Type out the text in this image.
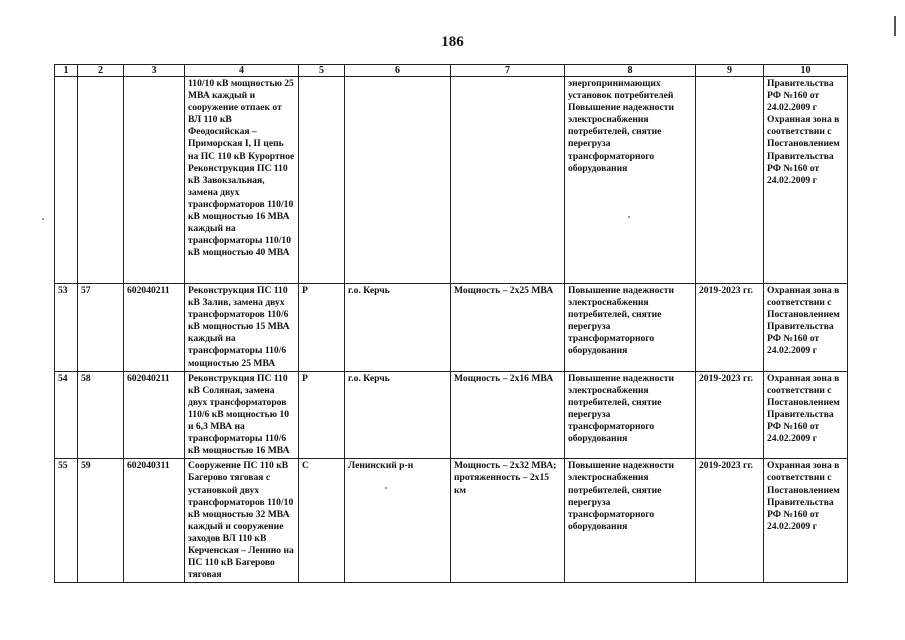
186
1	2	3	4	5	6	7	8	9	10
			110/10 кВ мощностью 25 МВА каждый и сооружение отпаек от ВЛ 110 кВ Феодосийская – Приморская I, II цепь на ПС 110 кВ Курортное Реконструкция ПС 110 кВ Завокзальная, замена двух трансформаторов 110/10 кВ мощностью 16 МВА каждый на трансформаторы 110/10 кВ мощностью 40 МВА				энергопринимающих установок потребителей Повышение надежности электроснабжения потребителей, снятие перегруза трансформаторного оборудования		Правительства РФ №160 от 24.02.2009 г Охранная зона в соответствии с Постановлением Правительства РФ №160 от 24.02.2009 г
53	57	602040211	Реконструкция ПС 110 кВ Залив, замена двух трансформаторов 110/6 кВ мощностью 15 МВА каждый на трансформаторы 110/6 мощностью 25 МВА	Р	г.о. Керчь	Мощность – 2х25 МВА	Повышение надежности электроснабжения потребителей, снятие перегруза трансформаторного оборудования	2019-2023 гг.	Охранная зона в соответствии с Постановлением Правительства РФ №160 от 24.02.2009 г
54	58	602040211	Реконструкция ПС 110 кВ Соляная, замена двух трансформаторов 110/6 кВ мощностью 10 и 6,3 МВА на трансформаторы 110/6 кВ мощностью 16 МВА	Р	г.о. Керчь	Мощность – 2х16 МВА	Повышение надежности электроснабжения потребителей, снятие перегруза трансформаторного оборудования	2019-2023 гг.	Охранная зона в соответствии с Постановлением Правительства РФ №160 от 24.02.2009 г
55	59	602040311	Сооружение ПС 110 кВ Багерово тяговая с установкой двух трансформаторов 110/10 кВ мощностью 32 МВА каждый и сооружение заходов ВЛ 110 кВ Керченская – Ленино на ПС 110 кВ Багерово тяговая	С	Ленинский р-н	Мощность – 2х32 МВА; протяженность – 2х15 км	Повышение надежности электроснабжения потребителей, снятие перегруза трансформаторного оборудования	2019-2023 гг.	Охранная зона в соответствии с Постановлением Правительства РФ №160 от 24.02.2009 г
